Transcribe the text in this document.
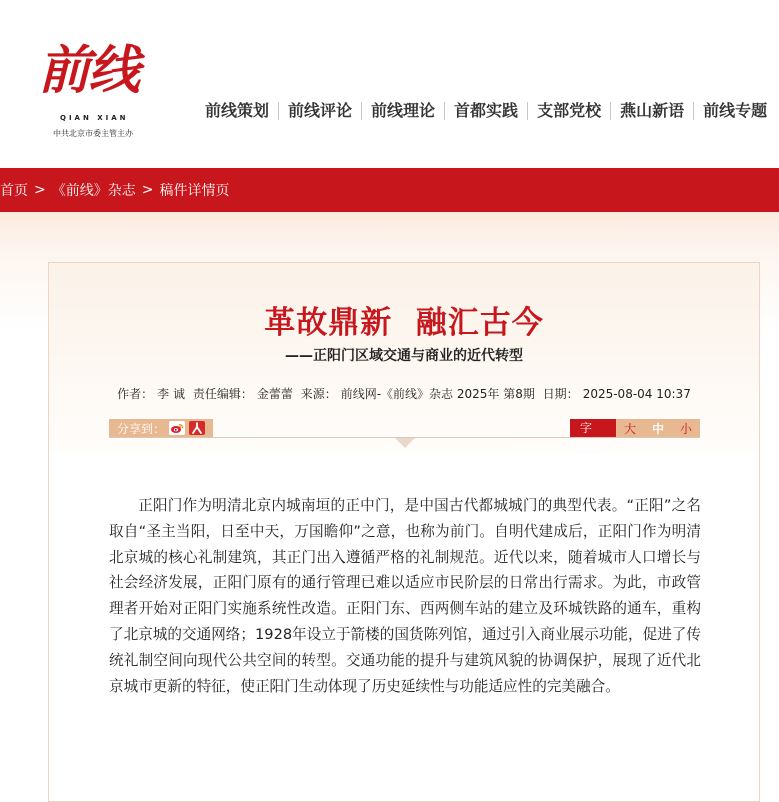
前线
QIAN XIAN
中共北京市委主管主办
前线策划	前线评论	前线理论	首都实践	支部党校	燕山新语	前线专题
首页 > 《前线》杂志 > 稿件详情页
革故鼎新  融汇古今
——正阳门区域交通与商业的近代转型
作者： 李 诚 责任编辑： 金蕾蕾 来源： 前线网-《前线》杂志 2025年 第8期 日期： 2025-08-04 10:37
分享到：	字体：
大	中	小
正阳门作为明清北京内城南垣的正中门，是中国古代都城城门的典型代表。“正阳”之名取自“圣主当阳，日至中天，万国瞻仰”之意，也称为前门。自明代建成后，正阳门作为明清北京城的核心礼制建筑，其正门出入遵循严格的礼制规范。近代以来，随着城市人口增长与社会经济发展，正阳门原有的通行管理已难以适应市民阶层的日常出行需求。为此，市政管理者开始对正阳门实施系统性改造。正阳门东、西两侧车站的建立及环城铁路的通车，重构了北京城的交通网络；1928年设立于箭楼的国货陈列馆，通过引入商业展示功能，促进了传统礼制空间向现代公共空间的转型。交通功能的提升与建筑风貌的协调保护，展现了近代北京城市更新的特征，使正阳门生动体现了历史延续性与功能适应性的完美融合。
